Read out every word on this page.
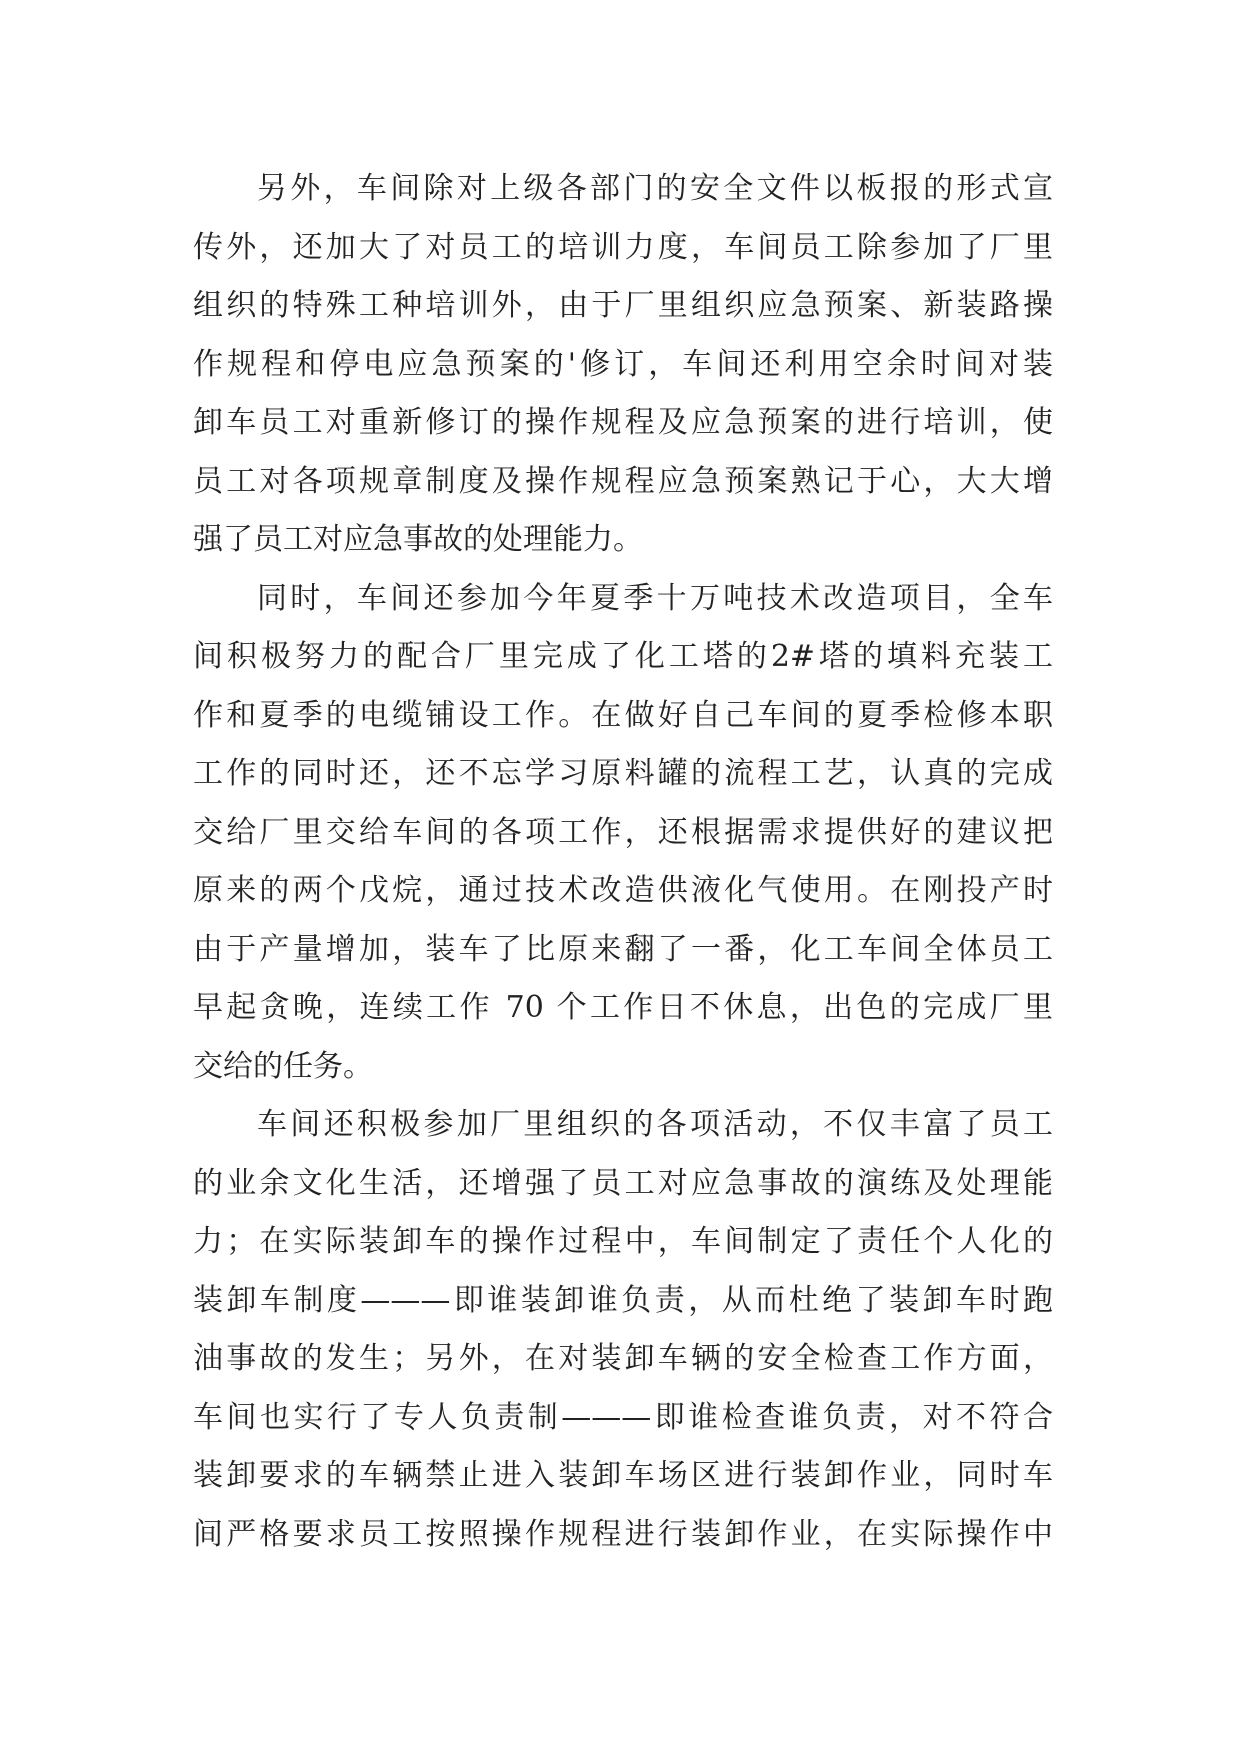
另外，车间除对上级各部门的安全文件以板报的形式宣
传外，还加大了对员工的培训力度，车间员工除参加了厂里
组织的特殊工种培训外，由于厂里组织应急预案、新装路操
作规程和停电应急预案的'修订，车间还利用空余时间对装
卸车员工对重新修订的操作规程及应急预案的进行培训，使
员工对各项规章制度及操作规程应急预案熟记于心，大大增
强了员工对应急事故的处理能力。
同时，车间还参加今年夏季十万吨技术改造项目，全车
间积极努力的配合厂里完成了化工塔的2#塔的填料充装工
作和夏季的电缆铺设工作。在做好自己车间的夏季检修本职
工作的同时还，还不忘学习原料罐的流程工艺，认真的完成
交给厂里交给车间的各项工作，还根据需求提供好的建议把
原来的两个戊烷，通过技术改造供液化气使用。在刚投产时
由于产量增加，装车了比原来翻了一番，化工车间全体员工
早起贪晚，连续工作 70 个工作日不休息，出色的完成厂里
交给的任务。
车间还积极参加厂里组织的各项活动，不仅丰富了员工
的业余文化生活，还增强了员工对应急事故的演练及处理能
力；在实际装卸车的操作过程中，车间制定了责任个人化的
装卸车制度———即谁装卸谁负责，从而杜绝了装卸车时跑
油事故的发生；另外，在对装卸车辆的安全检查工作方面，
车间也实行了专人负责制———即谁检查谁负责，对不符合
装卸要求的车辆禁止进入装卸车场区进行装卸作业，同时车
间严格要求员工按照操作规程进行装卸作业，在实际操作中
